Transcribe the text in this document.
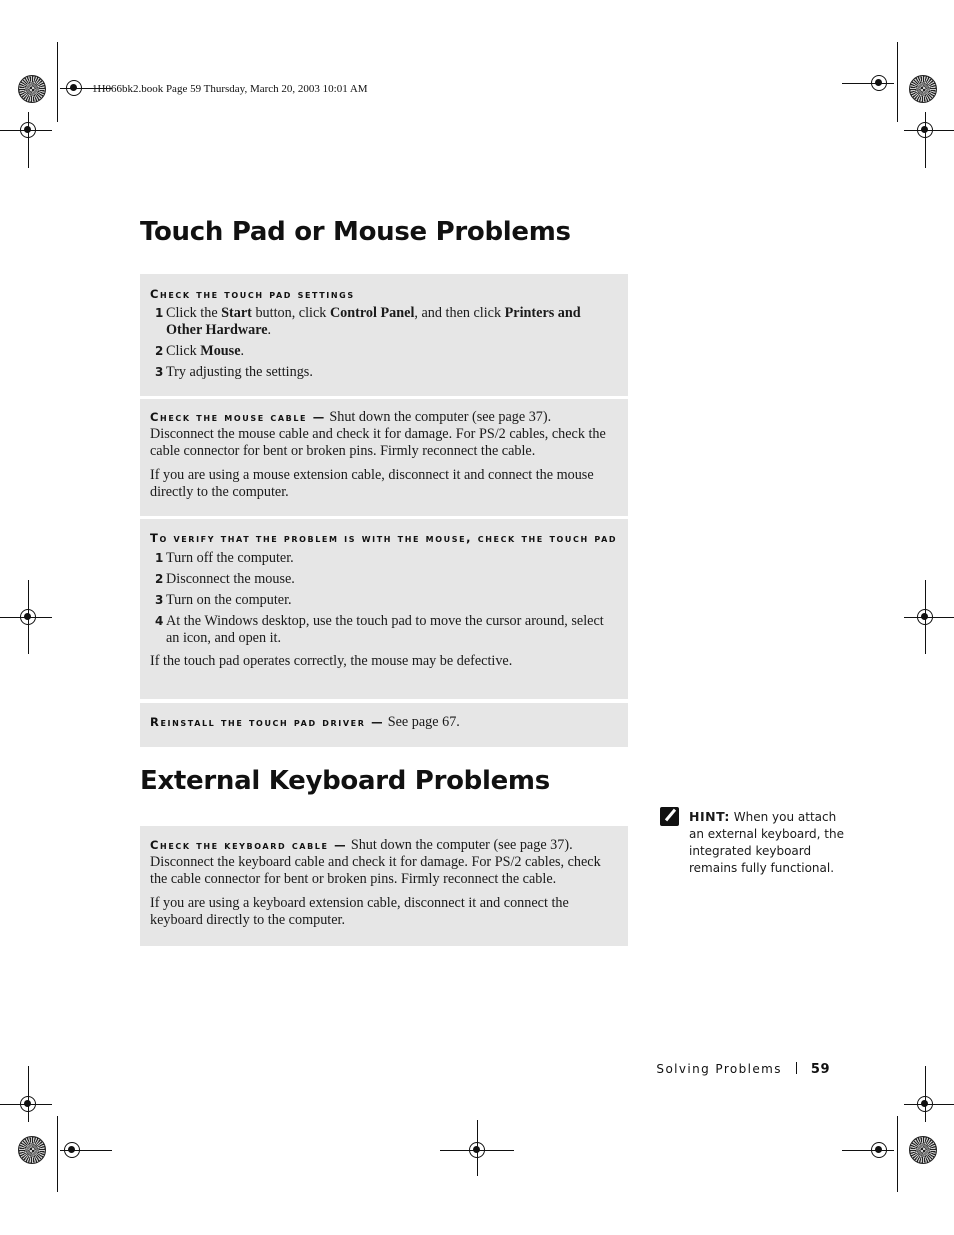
1H066bk2.book Page 59 Thursday, March 20, 2003 10:01 AM
Touch Pad or Mouse Problems
Check the touch pad settings
1 Click the Start button, click Control Panel, and then click Printers and Other Hardware.
2 Click Mouse.
3 Try adjusting the settings.

Check the mouse cable — Shut down the computer (see page 37). Disconnect the mouse cable and check it for damage. For PS/2 cables, check the cable connector for bent or broken pins. Firmly reconnect the cable.

If you are using a mouse extension cable, disconnect it and connect the mouse directly to the computer.

To verify that the problem is with the mouse, check the touch pad
1 Turn off the computer.
2 Disconnect the mouse.
3 Turn on the computer.
4 At the Windows desktop, use the touch pad to move the cursor around, select an icon, and open it.

If the touch pad operates correctly, the mouse may be defective.

Reinstall the touch pad driver — See page 67.

External Keyboard Problems

Check the keyboard cable — Shut down the computer (see page 37). Disconnect the keyboard cable and check it for damage. For PS/2 cables, check the cable connector for bent or broken pins. Firmly reconnect the cable.

If you are using a keyboard extension cable, disconnect it and connect the keyboard directly to the computer.

HINT: When you attach an external keyboard, the integrated keyboard remains fully functional.
Solving Problems 59
